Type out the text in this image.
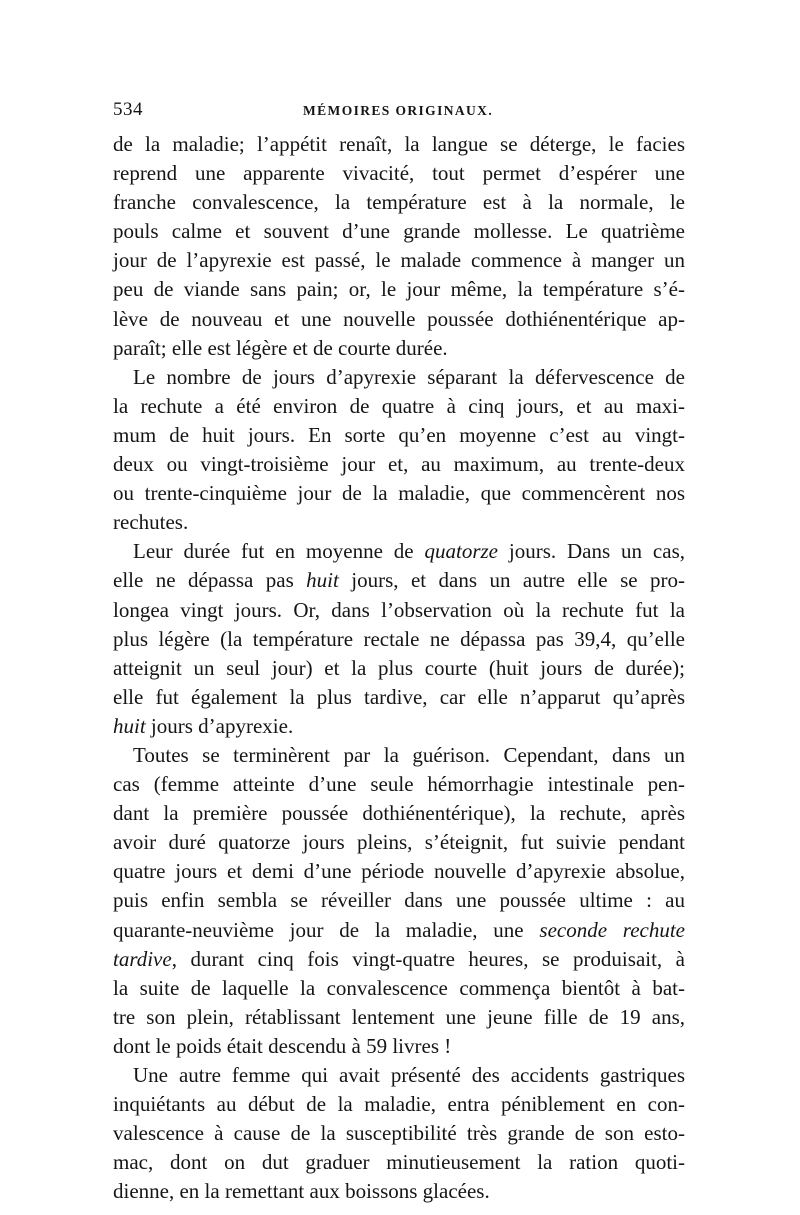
534	MÉMOIRES ORIGINAUX.
de la maladie; l’appétit renaît, la langue se déterge, le facies
reprend une apparente vivacité, tout permet d’espérer une
franche convalescence, la température est à la normale, le
pouls calme et souvent d’une grande mollesse. Le quatrième
jour de l’apyrexie est passé, le malade commence à manger un
peu de viande sans pain; or, le jour même, la température s’é-
lève de nouveau et une nouvelle poussée dothiénentérique ap-
paraît; elle est légère et de courte durée.
Le nombre de jours d’apyrexie séparant la défervescence de
la rechute a été environ de quatre à cinq jours, et au maxi-
mum de huit jours. En sorte qu’en moyenne c’est au vingt-
deux ou vingt-troisième jour et, au maximum, au trente-deux
ou trente-cinquième jour de la maladie, que commencèrent nos
rechutes.
Leur durée fut en moyenne de quatorze jours. Dans un cas,
elle ne dépassa pas huit jours, et dans un autre elle se pro-
longea vingt jours. Or, dans l’observation où la rechute fut la
plus légère (la température rectale ne dépassa pas 39,4, qu’elle
atteignit un seul jour) et la plus courte (huit jours de durée);
elle fut également la plus tardive, car elle n’apparut qu’après
huit jours d’apyrexie.
Toutes se terminèrent par la guérison. Cependant, dans un
cas (femme atteinte d’une seule hémorrhagie intestinale pen-
dant la première poussée dothiénentérique), la rechute, après
avoir duré quatorze jours pleins, s’éteignit, fut suivie pendant
quatre jours et demi d’une période nouvelle d’apyrexie absolue,
puis enfin sembla se réveiller dans une poussée ultime : au
quarante-neuvième jour de la maladie, une seconde rechute
tardive, durant cinq fois vingt-quatre heures, se produisait, à
la suite de laquelle la convalescence commença bientôt à bat-
tre son plein, rétablissant lentement une jeune fille de 19 ans,
dont le poids était descendu à 59 livres !
Une autre femme qui avait présenté des accidents gastriques
inquiétants au début de la maladie, entra péniblement en con-
valescence à cause de la susceptibilité très grande de son esto-
mac, dont on dut graduer minutieusement la ration quoti-
dienne, en la remettant aux boissons glacées.
